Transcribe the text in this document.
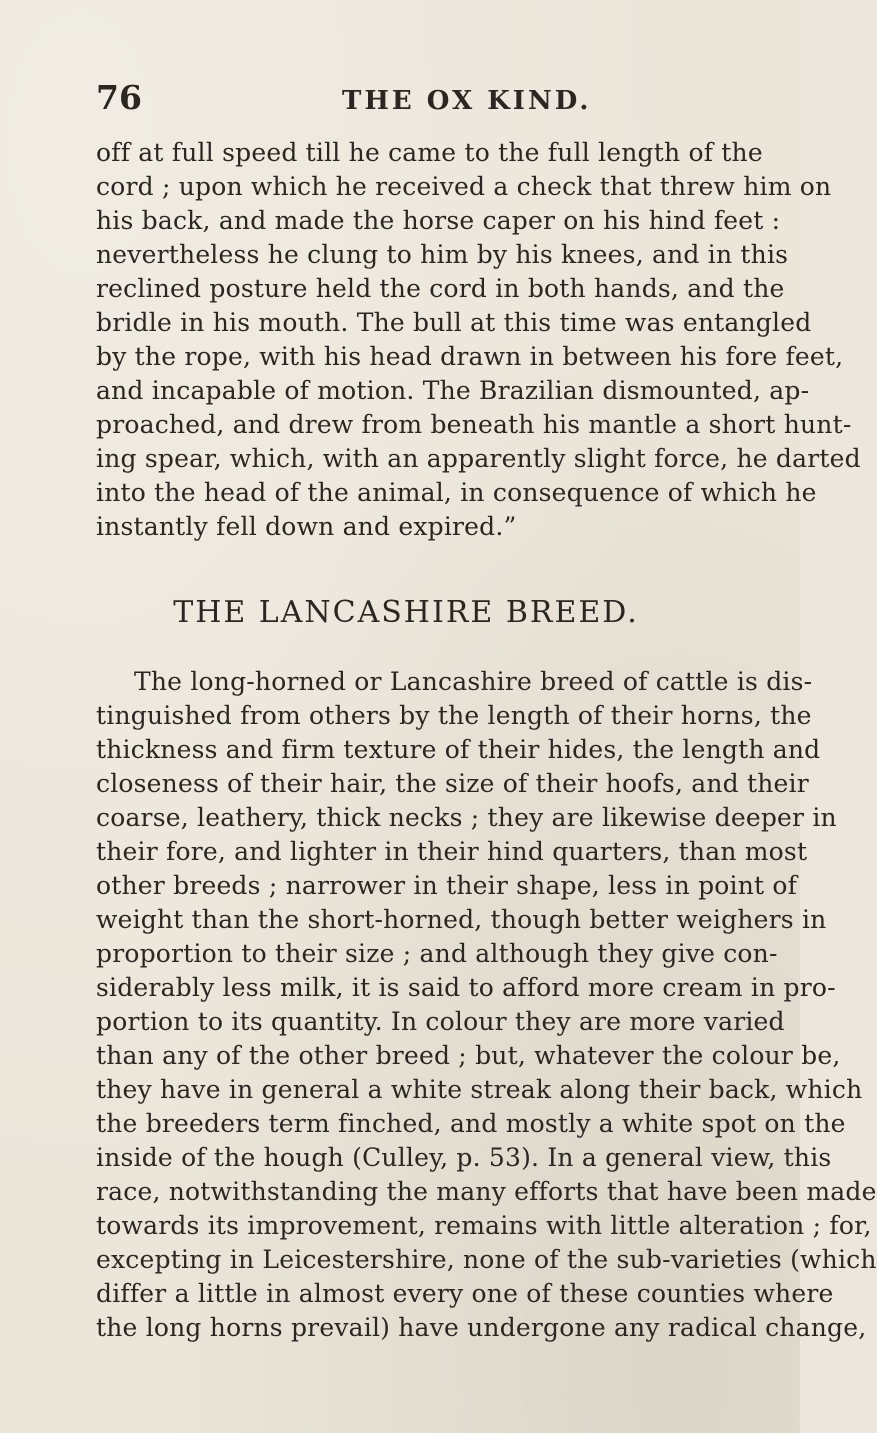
76	THE OX KIND.
off at full speed till he came to the full length of the
cord ; upon which he received a check that threw him on
his back, and made the horse caper on his hind feet :
nevertheless he clung to him by his knees, and in this
reclined posture held the cord in both hands, and the
bridle in his mouth. The bull at this time was entangled
by the rope, with his head drawn in between his fore feet,
and incapable of motion. The Brazilian dismounted, ap-
proached, and drew from beneath his mantle a short hunt-
ing spear, which, with an apparently slight force, he darted
into the head of the animal, in consequence of which he
instantly fell down and expired.”
THE LANCASHIRE BREED.
The long-horned or Lancashire breed of cattle is dis-
tinguished from others by the length of their horns, the
thickness and firm texture of their hides, the length and
closeness of their hair, the size of their hoofs, and their
coarse, leathery, thick necks ; they are likewise deeper in
their fore, and lighter in their hind quarters, than most
other breeds ; narrower in their shape, less in point of
weight than the short-horned, though better weighers in
proportion to their size ; and although they give con-
siderably less milk, it is said to afford more cream in pro-
portion to its quantity. In colour they are more varied
than any of the other breed ; but, whatever the colour be,
they have in general a white streak along their back, which
the breeders term finched, and mostly a white spot on the
inside of the hough (Culley, p. 53). In a general view, this
race, notwithstanding the many efforts that have been made
towards its improvement, remains with little alteration ; for,
excepting in Leicestershire, none of the sub-varieties (which
differ a little in almost every one of these counties where
the long horns prevail) have undergone any radical change,
